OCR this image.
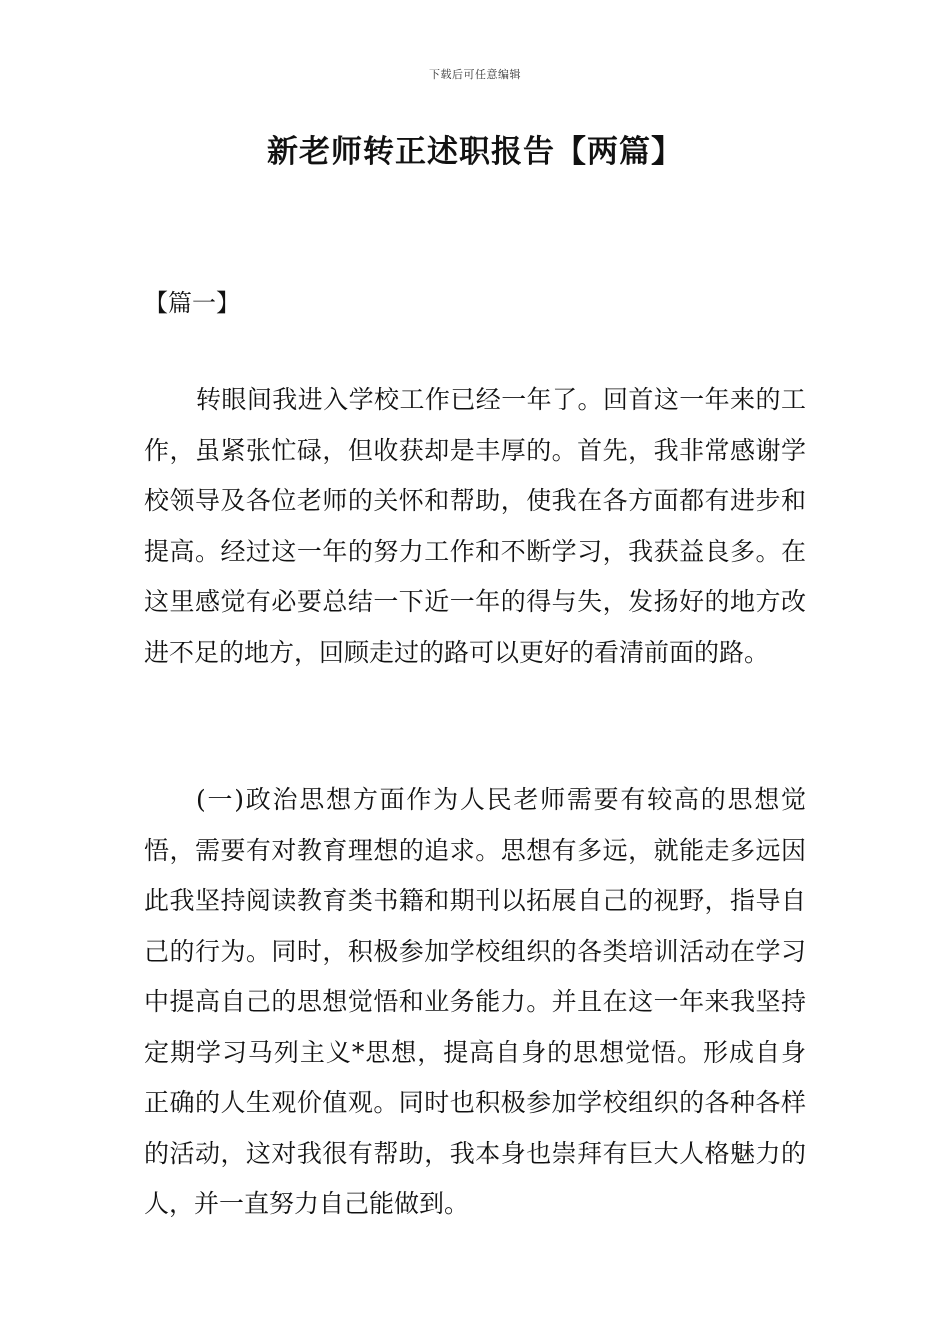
下载后可任意编辑
新老师转正述职报告【两篇】
【篇一】

转眼间我进入学校工作已经一年了。回首这一年来的工作，虽紧张忙碌，但收获却是丰厚的。首先，我非常感谢学校领导及各位老师的关怀和帮助，使我在各方面都有进步和提高。经过这一年的努力工作和不断学习，我获益良多。在这里感觉有必要总结一下近一年的得与失，发扬好的地方改进不足的地方，回顾走过的路可以更好的看清前面的路。

(一)政治思想方面作为人民老师需要有较高的思想觉悟，需要有对教育理想的追求。思想有多远，就能走多远因此我坚持阅读教育类书籍和期刊以拓展自己的视野，指导自己的行为。同时，积极参加学校组织的各类培训活动在学习中提高自己的思想觉悟和业务能力。并且在这一年来我坚持定期学习马列主义*思想，提高自身的思想觉悟。形成自身正确的人生观价值观。同时也积极参加学校组织的各种各样的活动，这对我很有帮助，我本身也崇拜有巨大人格魅力的人，并一直努力自己能做到。
